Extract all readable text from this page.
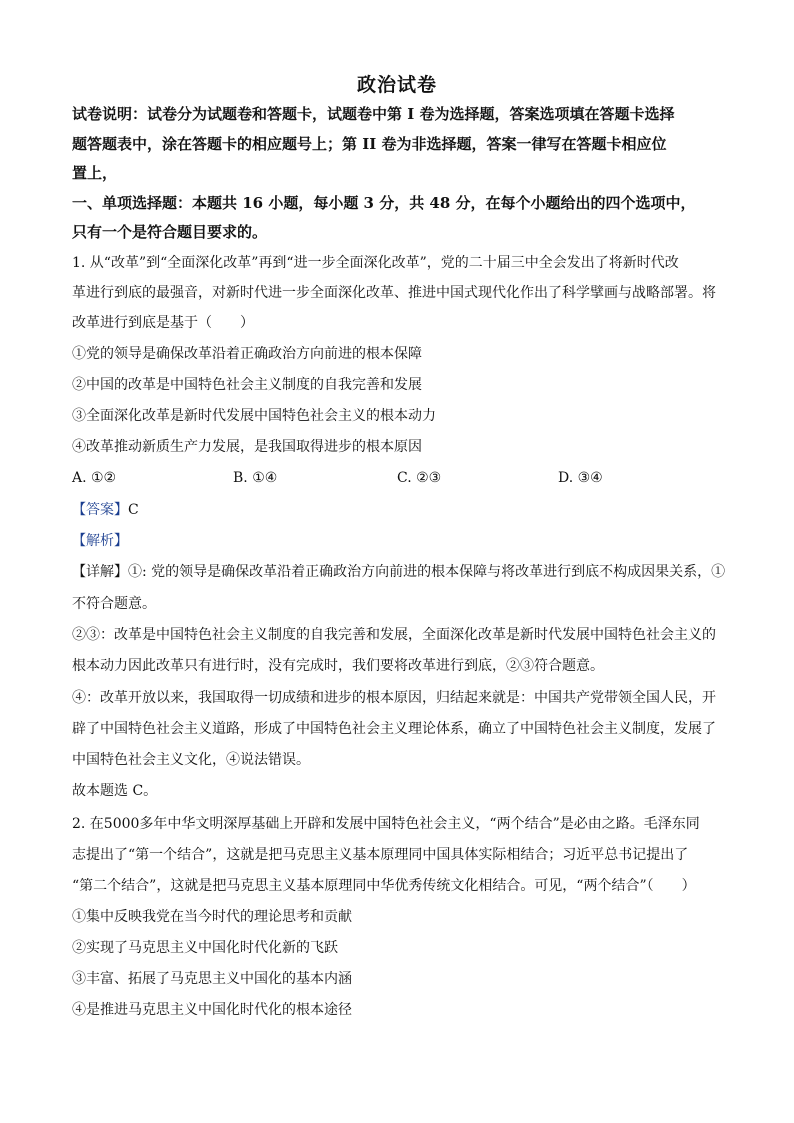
政治试卷
试卷说明：试卷分为试题卷和答题卡，试题卷中第 I 卷为选择题，答案选项填在答题卡选择
题答题表中，涂在答题卡的相应题号上；第 II 卷为非选择题，答案一律写在答题卡相应位
置上，
一、单项选择题：本题共 16 小题，每小题 3 分，共 48 分，在每个小题给出的四个选项中，
只有一个是符合题目要求的。
1. 从“改革”到“全面深化改革”再到“进一步全面深化改革”，党的二十届三中全会发出了将新时代改
革进行到底的最强音，对新时代进一步全面深化改革、推进中国式现代化作出了科学擘画与战略部署。将
改革进行到底是基于（　　）
①党的领导是确保改革沿着正确政治方向前进的根本保障
②中国的改革是中国特色社会主义制度的自我完善和发展
③全面深化改革是新时代发展中国特色社会主义的根本动力
④改革推动新质生产力发展，是我国取得进步的根本原因
A. ①②	B. ①④	C. ②③	D. ③④
【答案】C
【解析】
【详解】①: 党的领导是确保改革沿着正确政治方向前进的根本保障与将改革进行到底不构成因果关系，①
不符合题意。
②③：改革是中国特色社会主义制度的自我完善和发展，全面深化改革是新时代发展中国特色社会主义的
根本动力因此改革只有进行时，没有完成时，我们要将改革进行到底，②③符合题意。
④：改革开放以来，我国取得一切成绩和进步的根本原因，归结起来就是：中国共产党带领全国人民，开
辟了中国特色社会主义道路，形成了中国特色社会主义理论体系，确立了中国特色社会主义制度，发展了
中国特色社会主义文化，④说法错误。
故本题选 C。
2. 在5000多年中华文明深厚基础上开辟和发展中国特色社会主义，“两个结合”是必由之路。毛泽东同
志提出了“第一个结合”，这就是把马克思主义基本原理同中国具体实际相结合；习近平总书记提出了
“第二个结合”，这就是把马克思主义基本原理同中华优秀传统文化相结合。可见，“两个结合”（　　）
①集中反映我党在当今时代的理论思考和贡献
②实现了马克思主义中国化时代化新的飞跃
③丰富、拓展了马克思主义中国化的基本内涵
④是推进马克思主义中国化时代化的根本途径
